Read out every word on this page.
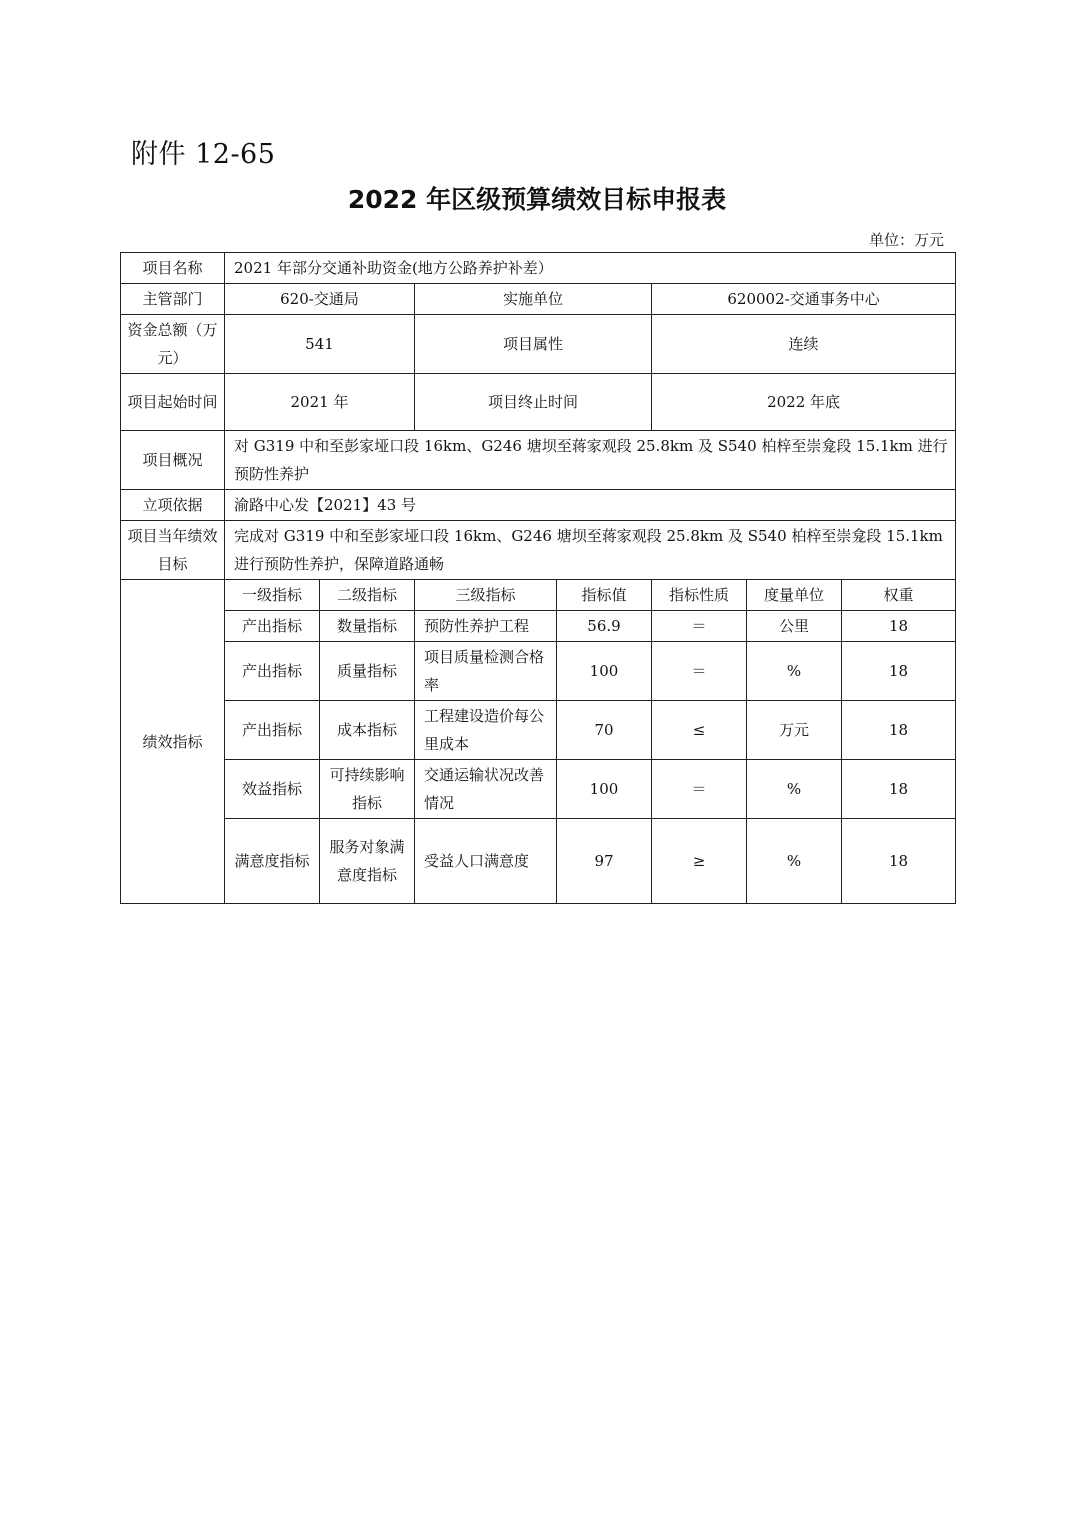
附件 12-65
2022 年区级预算绩效目标申报表
单位：万元
项目名称	2021 年部分交通补助资金(地方公路养护补差）						
主管部门	620-交通局		实施单位		620002-交通事务中心		
资金总额（万元）	541		项目属性		连续		
项目起始时间	2021 年		项目终止时间		2022 年底		
项目概况	对 G319 中和至彭家垭口段 16km、G246 塘坝至蒋家观段 25.8km 及 S540 柏梓至崇龛段 15.1km 进行预防性养护						
立项依据	渝路中心发【2021】43 号						
项目当年绩效目标	完成对 G319 中和至彭家垭口段 16km、G246 塘坝至蒋家观段 25.8km 及 S540 柏梓至崇龛段 15.1km 进行预防性养护，保障道路通畅						
绩效指标	一级指标	二级指标	三级指标	指标值	指标性质	度量单位	权重
	产出指标	数量指标	预防性养护工程	56.9	＝	公里	18
	产出指标	质量指标	项目质量检测合格率	100	＝	%	18
	产出指标	成本指标	工程建设造价每公里成本	70	≤	万元	18
	效益指标	可持续影响指标	交通运输状况改善情况	100	＝	%	18
	满意度指标	服务对象满意度指标	受益人口满意度	97	≥	%	18
